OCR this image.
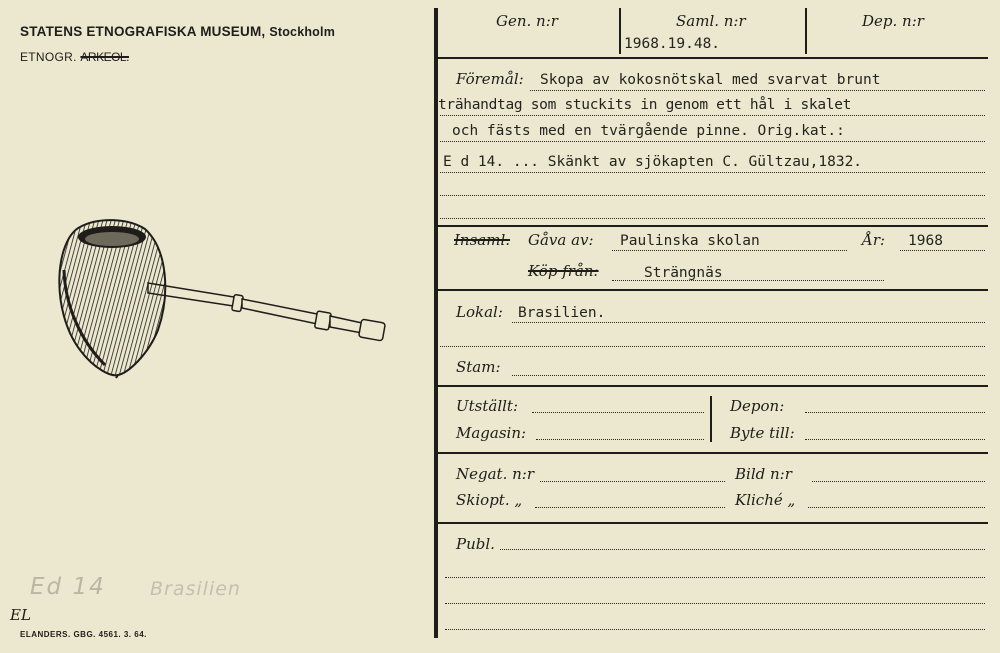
STATENS ETNOGRAFISKA MUSEUM, Stockholm
ETNOGR. ARKEOL.
Ed 14 Brasilien
EL
ELANDERS. GBG. 4561. 3. 64.
Gen. n:r	Saml. n:r	Dep. n:r
1968.19.48.
Föremål: Skopa av kokosnötskal med svarvat brunt
trähandtag som stuckits in genom ett hål i skalet
och fästs med en tvärgående pinne. Orig.kat.:
E d 14. ... Skänkt av sjökapten C. Gültzau,1832.
Insaml. Gåva av: Paulinska skolan	År: 1968
Köp från:	Strängnäs
Lokal: Brasilien.
Stam:
Utställt:
Magasin:
Depon:
Byte till:
Negat. n:r
Skiopt. „
Bild n:r
Kliché „
Publ.
